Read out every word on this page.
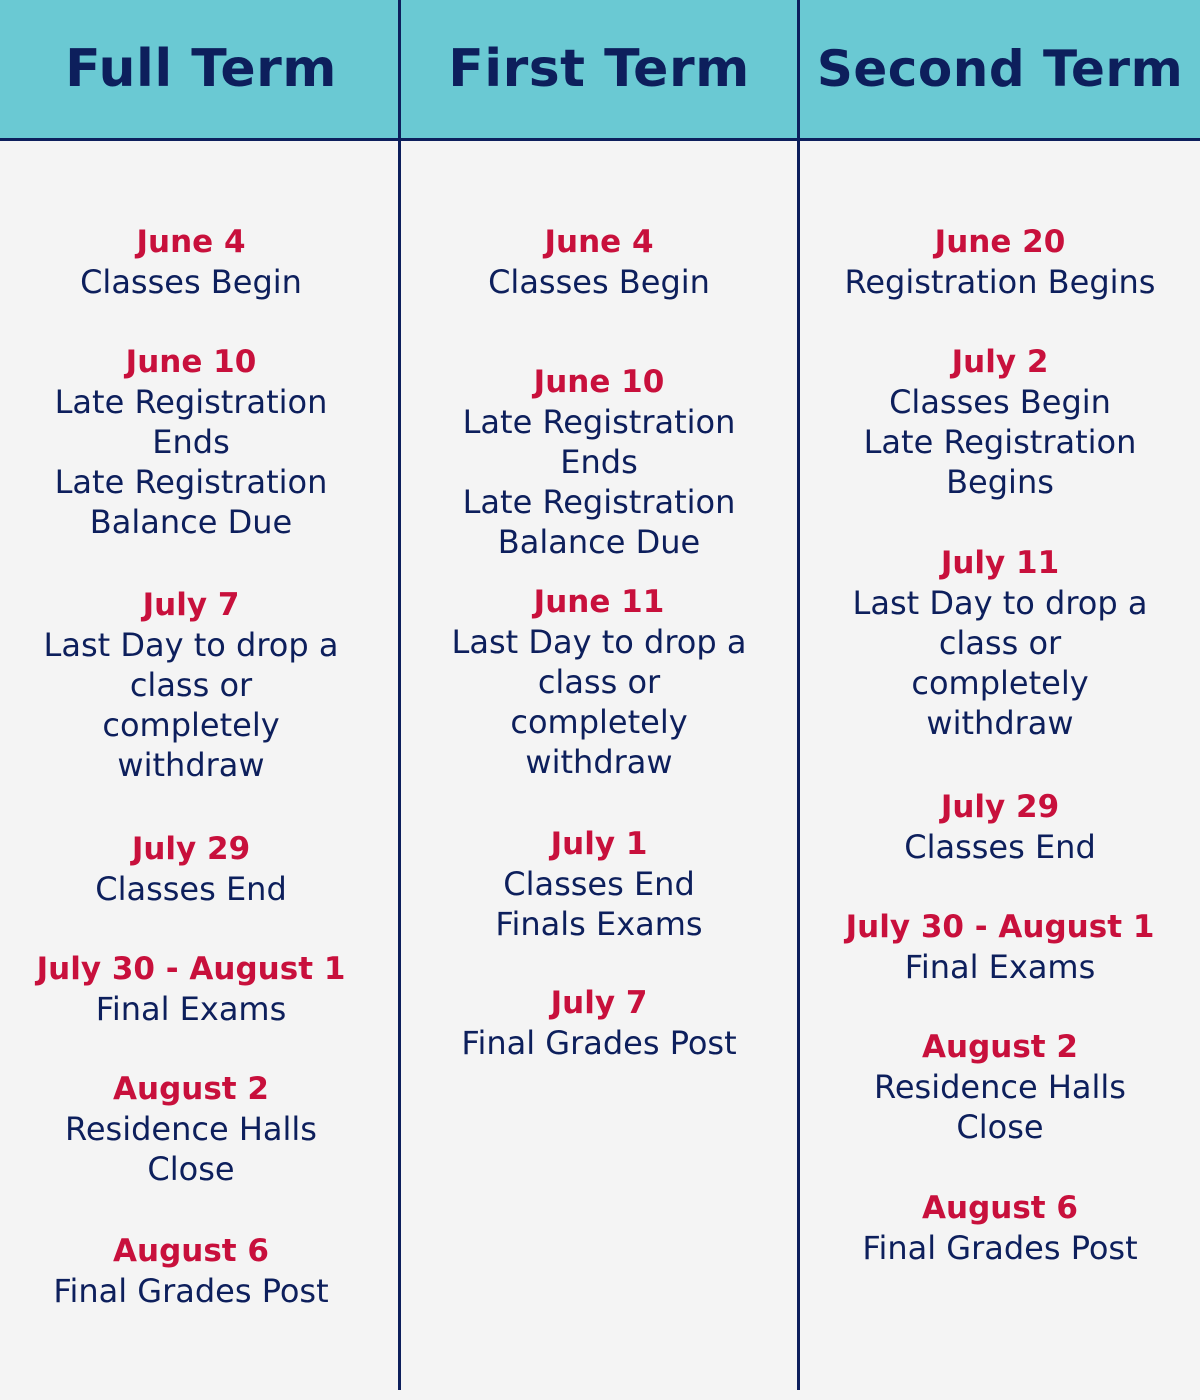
Full Term
June 4
Classes Begin
June 10
Late Registration
Ends
Late Registration
Balance Due
July 7
Last Day to drop a
class or
completely
withdraw
July 29
Classes End
July 30 - August 1
Final Exams
August 2
Residence Halls
Close
August 6
Final Grades Post
First Term
June 4
Classes Begin
June 10
Late Registration
Ends
Late Registration
Balance Due
June 11
Last Day to drop a
class or
completely
withdraw
July 1
Classes End
Finals Exams
July 7
Final Grades Post
Second Term
June 20
Registration Begins
July 2
Classes Begin
Late Registration
Begins
July 11
Last Day to drop a
class or
completely
withdraw
July 29
Classes End
July 30 - August 1
Final Exams
August 2
Residence Halls
Close
August 6
Final Grades Post
